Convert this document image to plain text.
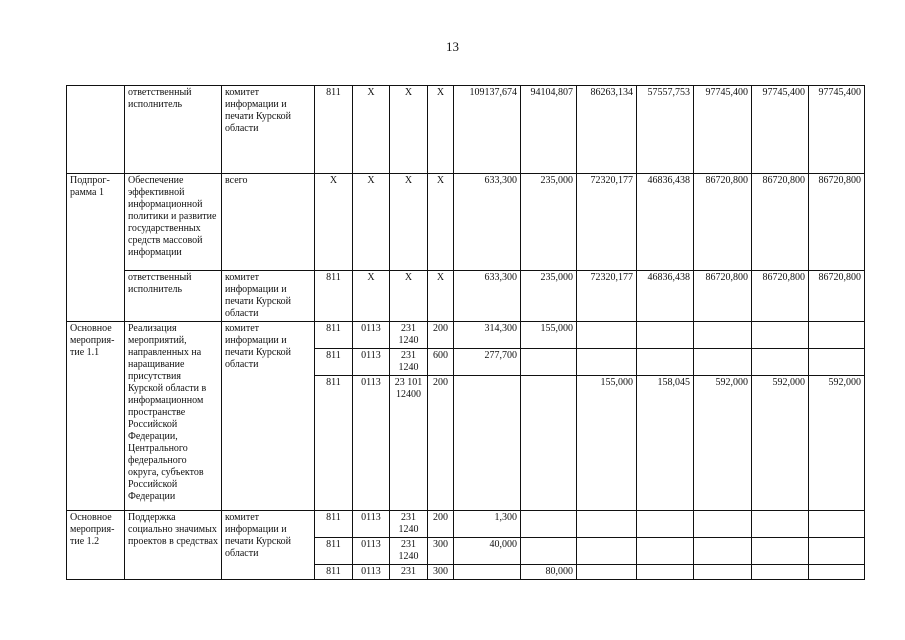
13
	ответственный исполнитель	комитет информации и печати Курской области	811	X	X	X	109137,674	94104,807	86263,134	57557,753	97745,400	97745,400	97745,400
Подпрог-рамма 1	Обеспечение эффективной информационной политики и развитие государственных средств массовой информации	всего	X	X	X	X	633,300	235,000	72320,177	46836,438	86720,800	86720,800	86720,800
	ответственный исполнитель	комитет информации и печати Курской области	811	X	X	X	633,300	235,000	72320,177	46836,438	86720,800	86720,800	86720,800
Основное мероприя-тие 1.1	Реализация мероприятий, направленных на наращивание присутствия Курской области в информационном пространстве Российской Федерации, Центрального федерального округа, субъектов Российской Федерации	комитет информации и печати Курской области	811	0113	231 1240	200	314,300	155,000					
			811	0113	231 1240	600	277,700						
			811	0113	23 101 12400	200			155,000	158,045	592,000	592,000	592,000
Основное мероприя-тие 1.2	Поддержка социально значимых проектов в средствах	комитет информации и печати Курской области	811	0113	231 1240	200	1,300						
			811	0113	231 1240	300	40,000						
			811	0113	231	300		80,000					
